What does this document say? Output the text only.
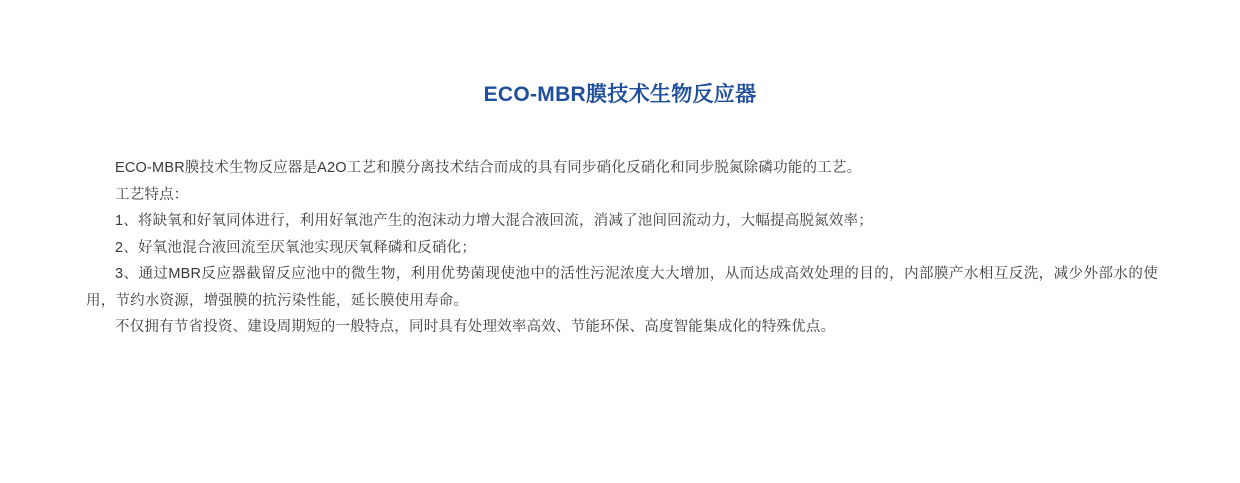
ECO-MBR膜技术生物反应器

ECO-MBR膜技术生物反应器是A2O工艺和膜分离技术结合而成的具有同步硝化反硝化和同步脱氮除磷功能的工艺。

工艺特点：

1、将缺氧和好氧同体进行，利用好氧池产生的泡沫动力增大混合液回流，消减了池间回流动力，大幅提高脱氮效率；

2、好氧池混合液回流至厌氧池实现厌氧释磷和反硝化；

3、通过MBR反应器截留反应池中的微生物，利用优势菌现使池中的活性污泥浓度大大增加，从而达成高效处理的目的，内部膜产水相互反洗，减少外部水的使用，节约水资源，增强膜的抗污染性能，延长膜使用寿命。

不仅拥有节省投资、建设周期短的一般特点，同时具有处理效率高效、节能环保、高度智能集成化的特殊优点。
